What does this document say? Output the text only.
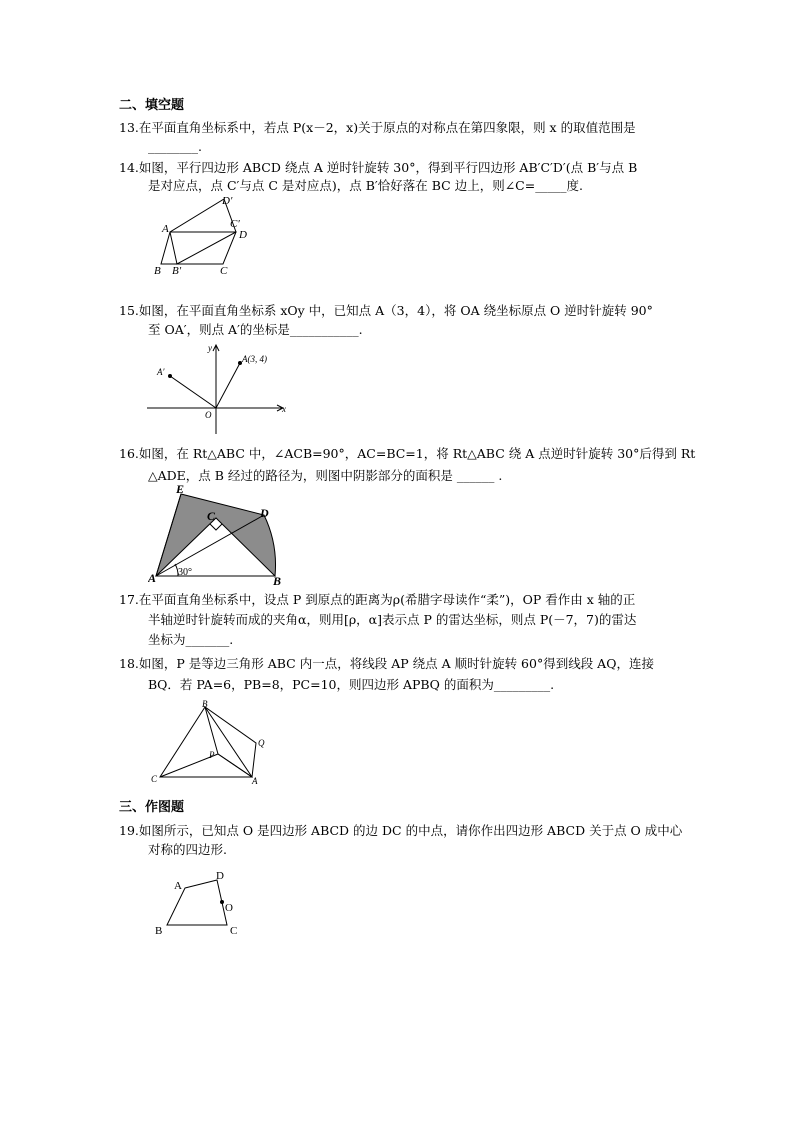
二、填空题
13.在平面直角坐标系中，若点 P(x－2，x)关于原点的对称点在第四象限，则 x 的取值范围是
________.
14.如图，平行四边形 ABCD 绕点 A 逆时针旋转 30°，得到平行四边形 AB′C′D′(点 B′与点 B
是对应点，点 C′与点 C 是对应点)，点 B′恰好落在 BC 边上，则∠C=_____度.
A
B B′	C
C′
D
D′
15.如图，在平面直角坐标系 xOy 中，已知点 A（3，4），将 OA 绕坐标原点 O 逆时针旋转 90°
至 OA′，则点 A′的坐标是___________.
A(3, 4)
A′
O
x
y
16.如图，在 Rt△ABC 中，∠ACB=90°，AC=BC=1，将 Rt△ABC 绕 A 点逆时针旋转 30°后得到 Rt
△ADE，点 B 经过的路径为，则图中阴影部分的面积是 ______ .
E
C	D
A	B
30°
17.在平面直角坐标系中，设点 P 到原点的距离为ρ(希腊字母读作“柔”)，OP 看作由 x 轴的正
半轴逆时针旋转而成的夹角α，则用[ρ，α]表示点 P 的雷达坐标，则点 P(－7，7)的雷达
坐标为_______.
18.如图，P 是等边三角形 ABC 内一点，将线段 AP 绕点 A 顺时针旋转 60°得到线段 AQ，连接
BQ．若 PA=6，PB=8，PC=10，则四边形 APBQ 的面积为_________.
B
C	A
P
Q
三、作图题
19.如图所示，已知点 O 是四边形 ABCD 的边 DC 的中点，请你作出四边形 ABCD 关于点 O 成中心
对称的四边形.
A
D
O
B	C
